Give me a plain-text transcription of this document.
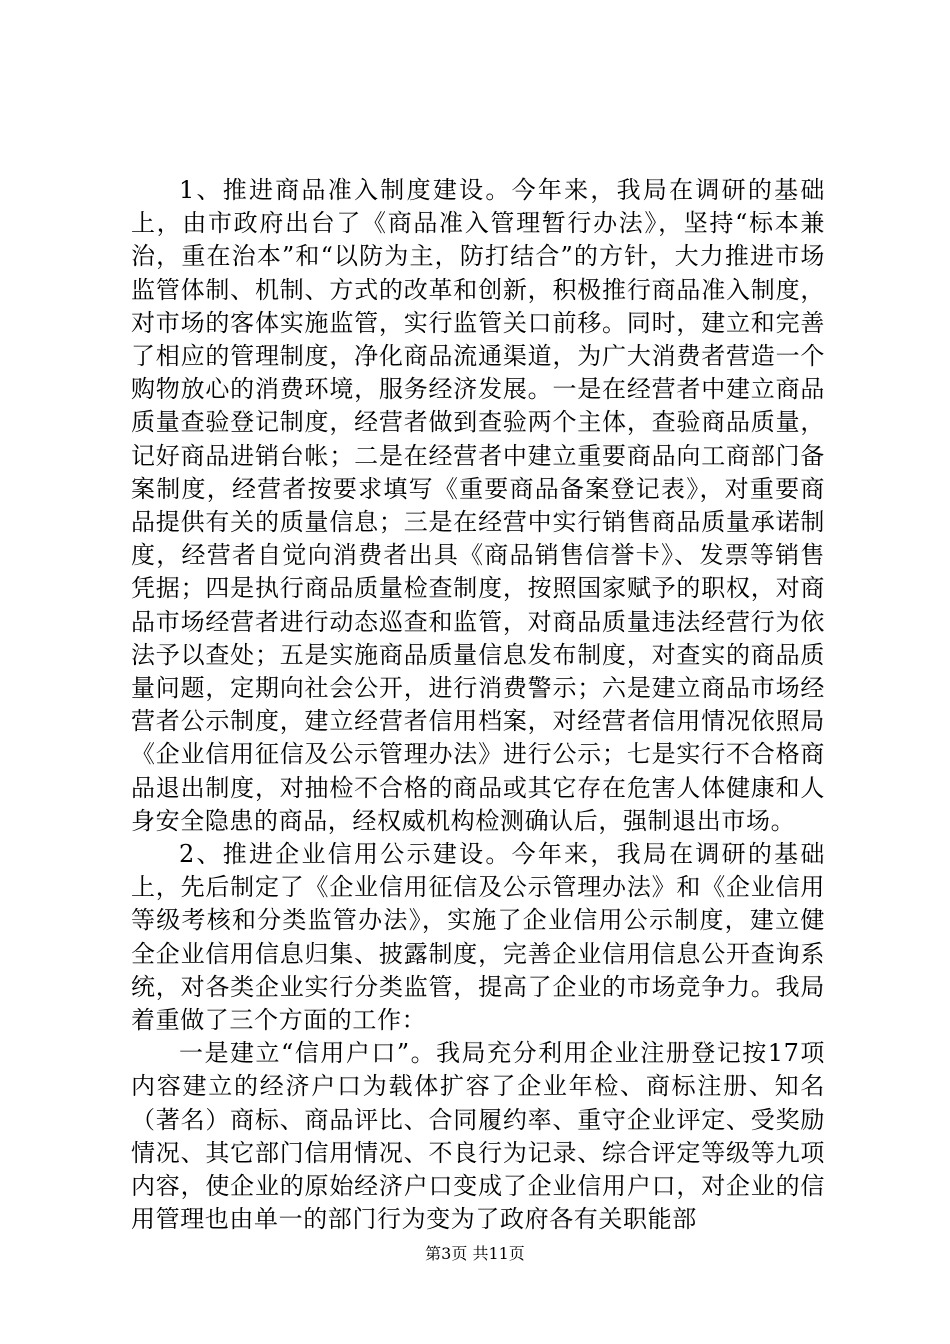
1、推进商品准入制度建设。今年来，我局在调研的基础上，由市政府出台了《商品准入管理暂行办法》，坚持“标本兼治，重在治本”和“以防为主，防打结合”的方针，大力推进市场监管体制、机制、方式的改革和创新，积极推行商品准入制度，对市场的客体实施监管，实行监管关口前移。同时，建立和完善了相应的管理制度，净化商品流通渠道，为广大消费者营造一个购物放心的消费环境，服务经济发展。一是在经营者中建立商品质量查验登记制度，经营者做到查验两个主体，查验商品质量，记好商品进销台帐；二是在经营者中建立重要商品向工商部门备案制度，经营者按要求填写《重要商品备案登记表》，对重要商品提供有关的质量信息；三是在经营中实行销售商品质量承诺制度，经营者自觉向消费者出具《商品销售信誉卡》、发票等销售凭据；四是执行商品质量检查制度，按照国家赋予的职权，对商品市场经营者进行动态巡查和监管，对商品质量违法经营行为依法予以查处；五是实施商品质量信息发布制度，对查实的商品质量问题，定期向社会公开，进行消费警示；六是建立商品市场经营者公示制度，建立经营者信用档案，对经营者信用情况依照局《企业信用征信及公示管理办法》进行公示；七是实行不合格商品退出制度，对抽检不合格的商品或其它存在危害人体健康和人身安全隐患的商品，经权威机构检测确认后，强制退出市场。

2、推进企业信用公示建设。今年来，我局在调研的基础上，先后制定了《企业信用征信及公示管理办法》和《企业信用等级考核和分类监管办法》，实施了企业信用公示制度，建立健全企业信用信息归集、披露制度，完善企业信用信息公开查询系统，对各类企业实行分类监管，提高了企业的市场竞争力。我局着重做了三个方面的工作：

一是建立“信用户口”。我局充分利用企业注册登记按17项内容建立的经济户口为载体扩容了企业年检、商标注册、知名（著名）商标、商品评比、合同履约率、重守企业评定、受奖励情况、其它部门信用情况、不良行为记录、综合评定等级等九项内容，使企业的原始经济户口变成了企业信用户口，对企业的信用管理也由单一的部门行为变为了政府各有关职能部

第3页 共11页
